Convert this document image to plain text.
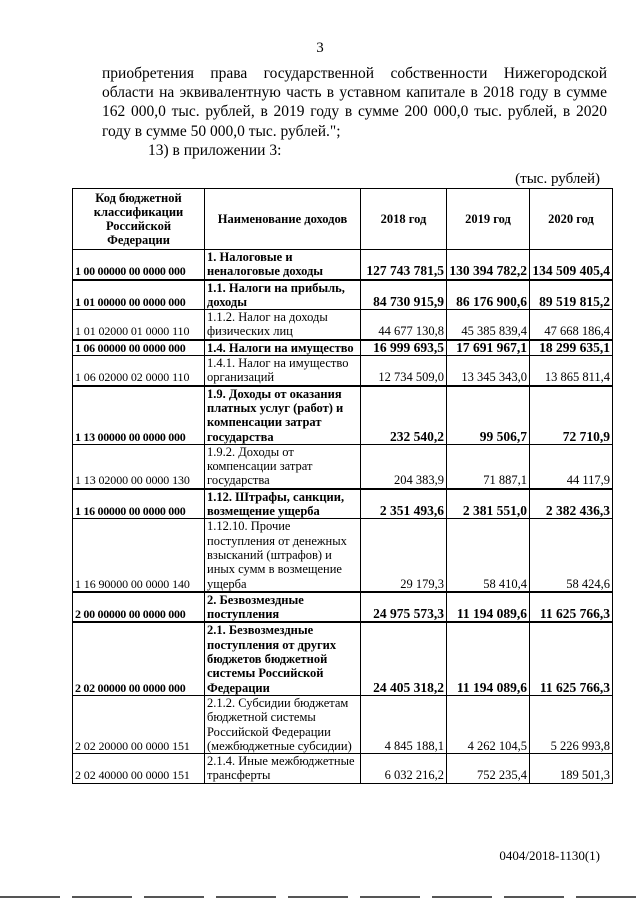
3
приобретения права государственной собственности Нижегородской
области на эквивалентную часть в уставном капитале в 2018 году в сумме
162 000,0 тыс. рублей, в 2019 году в сумме 200 000,0 тыс. рублей, в 2020
году в сумме 50 000,0 тыс. рублей.";
13) в приложении 3:
(тыс. рублей)
Код бюджетной классификации Российской Федерации	Наименование доходов	2018 год	2019 год	2020 год
1 00 00000 00 0000 000	1. Налоговые и неналоговые доходы	127 743 781,5	130 394 782,2	134 509 405,4
1 01 00000 00 0000 000	1.1. Налоги на прибыль, доходы	84 730 915,9	86 176 900,6	89 519 815,2
1 01 02000 01 0000 110	1.1.2. Налог на доходы физических лиц	44 677 130,8	45 385 839,4	47 668 186,4
1 06 00000 00 0000 000	1.4. Налоги на имущество	16 999 693,5	17 691 967,1	18 299 635,1
1 06 02000 02 0000 110	1.4.1. Налог на имущество организаций	12 734 509,0	13 345 343,0	13 865 811,4
1 13 00000 00 0000 000	1.9. Доходы от оказания платных услуг (работ) и компенсации затрат государства	232 540,2	99 506,7	72 710,9
1 13 02000 00 0000 130	1.9.2. Доходы от компенсации затрат государства	204 383,9	71 887,1	44 117,9
1 16 00000 00 0000 000	1.12. Штрафы, санкции, возмещение ущерба	2 351 493,6	2 381 551,0	2 382 436,3
1 16 90000 00 0000 140	1.12.10. Прочие поступления от денежных взысканий (штрафов) и иных сумм в возмещение ущерба	29 179,3	58 410,4	58 424,6
2 00 00000 00 0000 000	2. Безвозмездные поступления	24 975 573,3	11 194 089,6	11 625 766,3
2 02 00000 00 0000 000	2.1. Безвозмездные поступления от других бюджетов бюджетной системы Российской Федерации	24 405 318,2	11 194 089,6	11 625 766,3
2 02 20000 00 0000 151	2.1.2. Субсидии бюджетам бюджетной системы Российской Федерации (межбюджетные субсидии)	4 845 188,1	4 262 104,5	5 226 993,8
2 02 40000 00 0000 151	2.1.4. Иные межбюджетные трансферты	6 032 216,2	752 235,4	189 501,3
0404/2018-1130(1)
